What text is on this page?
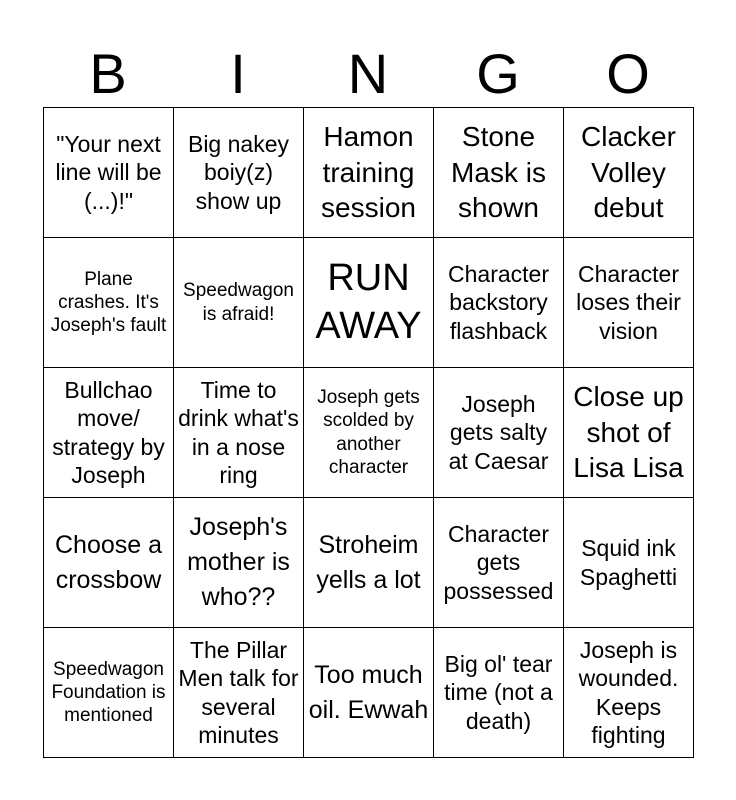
B	I	N	G	O
"Your next line will be (...)!"	Big nakey boiy(z) show up	Hamon training session	Stone Mask is shown	Clacker Volley debut
Plane crashes. It's Joseph's fault	Speedwagon is afraid!	RUN AWAY	Character backstory flashback	Character loses their vision
Bullchao move/ strategy by Joseph	Time to drink what's in a nose ring	Joseph gets scolded by another character	Joseph gets salty at Caesar	Close up shot of Lisa Lisa
Choose a crossbow	Joseph's mother is who??	Stroheim yells a lot	Character gets possessed	Squid ink Spaghetti
Speedwagon Foundation is mentioned	The Pillar Men talk for several minutes	Too much oil. Ewwah	Big ol' tear time (not a death)	Joseph is wounded. Keeps fighting
